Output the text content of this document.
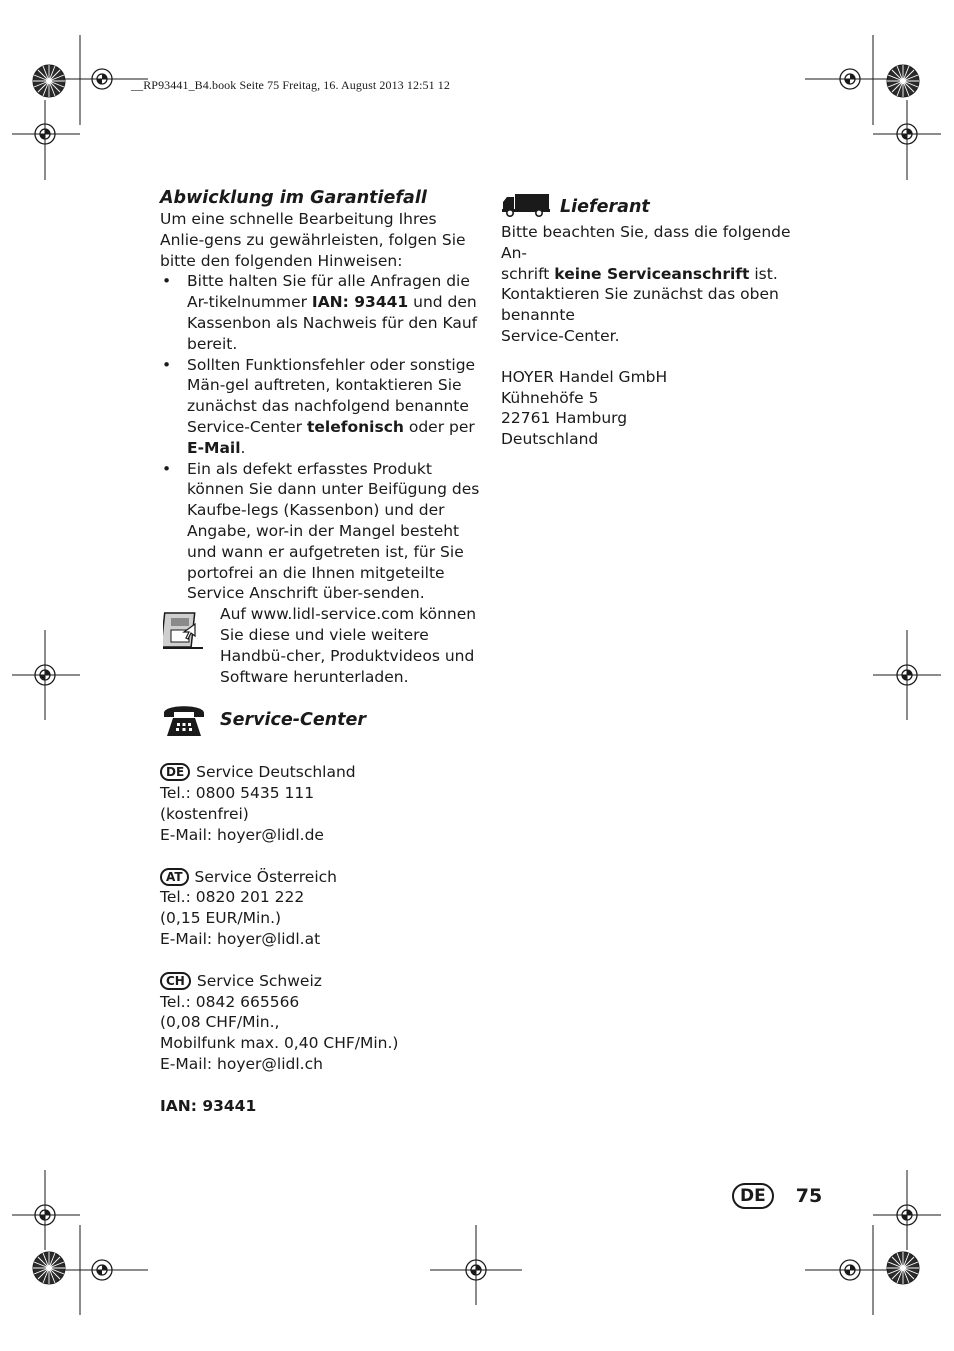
__RP93441_B4.book Seite 75 Freitag, 16. August 2013 12:51 12
Abwicklung im Garantiefall

Um eine schnelle Bearbeitung Ihres Anlie-gens zu gewährleisten, folgen Sie bitte den folgenden Hinweisen:

• Bitte halten Sie für alle Anfragen die Ar-tikelnummer IAN: 93441 und den Kassenbon als Nachweis für den Kauf bereit.
• Sollten Funktionsfehler oder sonstige Män-gel auftreten, kontaktieren Sie zunächst das nachfolgend benannte Service-Center telefonisch oder per E-Mail.
• Ein als defekt erfasstes Produkt können Sie dann unter Beifügung des Kaufbe-legs (Kassenbon) und der Angabe, wor-in der Mangel besteht und wann er aufgetreten ist, für Sie portofrei an die Ihnen mitgeteilte Service Anschrift über-senden.

Auf www.lidl-service.com können Sie diese und viele weitere Handbü-cher, Produktvideos und Software herunterladen.

Service-Center

DE Service Deutschland

Tel.: 0800 5435 111

(kostenfrei)

E-Mail: hoyer@lidl.de

AT Service Österreich

Tel.: 0820 201 222

(0,15 EUR/Min.)

E-Mail: hoyer@lidl.at

CH Service Schweiz

Tel.: 0842 665566

(0,08 CHF/Min.,

Mobilfunk max. 0,40 CHF/Min.)

E-Mail: hoyer@lidl.ch

IAN: 93441

Lieferant

Bitte beachten Sie, dass die folgende An-

schrift keine Serviceanschrift ist.

Kontaktieren Sie zunächst das oben benannte

Service-Center.

HOYER Handel GmbH

Kühnehöfe 5

22761 Hamburg

Deutschland

DE	75
